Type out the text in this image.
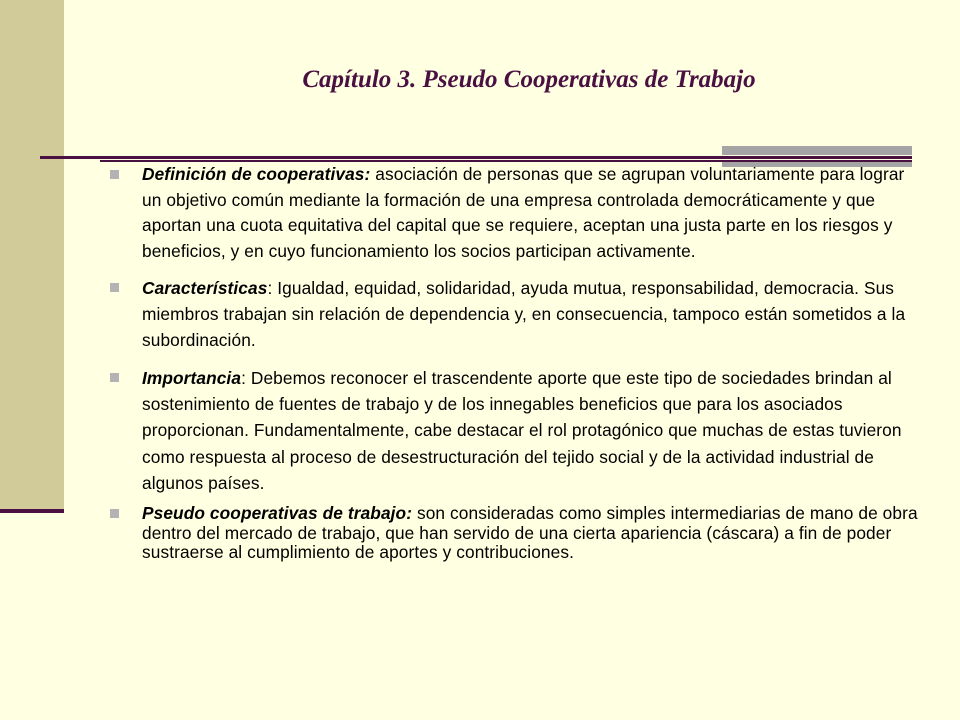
Capítulo 3. Pseudo Cooperativas de Trabajo
Definición de cooperativas: asociación de personas que se agrupan voluntariamente para lograr un objetivo común mediante la formación de una empresa controlada democráticamente y que aportan una cuota equitativa del capital que se requiere, aceptan una justa parte en los riesgos y beneficios, y en cuyo funcionamiento los socios participan activamente.
Características: Igualdad, equidad, solidaridad, ayuda mutua, responsabilidad, democracia. Sus miembros trabajan sin relación de dependencia y, en consecuencia, tampoco están sometidos a la subordinación.
Importancia: Debemos reconocer el trascendente aporte que este tipo de sociedades brindan al sostenimiento de fuentes de trabajo y de los innegables beneficios que para los asociados proporcionan. Fundamentalmente, cabe destacar el rol protagónico que muchas de estas tuvieron como respuesta al proceso de desestructuración del tejido social y de la actividad industrial de algunos países.
Pseudo cooperativas de trabajo: son consideradas como simples intermediarias de mano de obra dentro del mercado de trabajo, que han servido de una cierta apariencia (cáscara) a fin de poder sustraerse al cumplimiento de aportes y contribuciones.
